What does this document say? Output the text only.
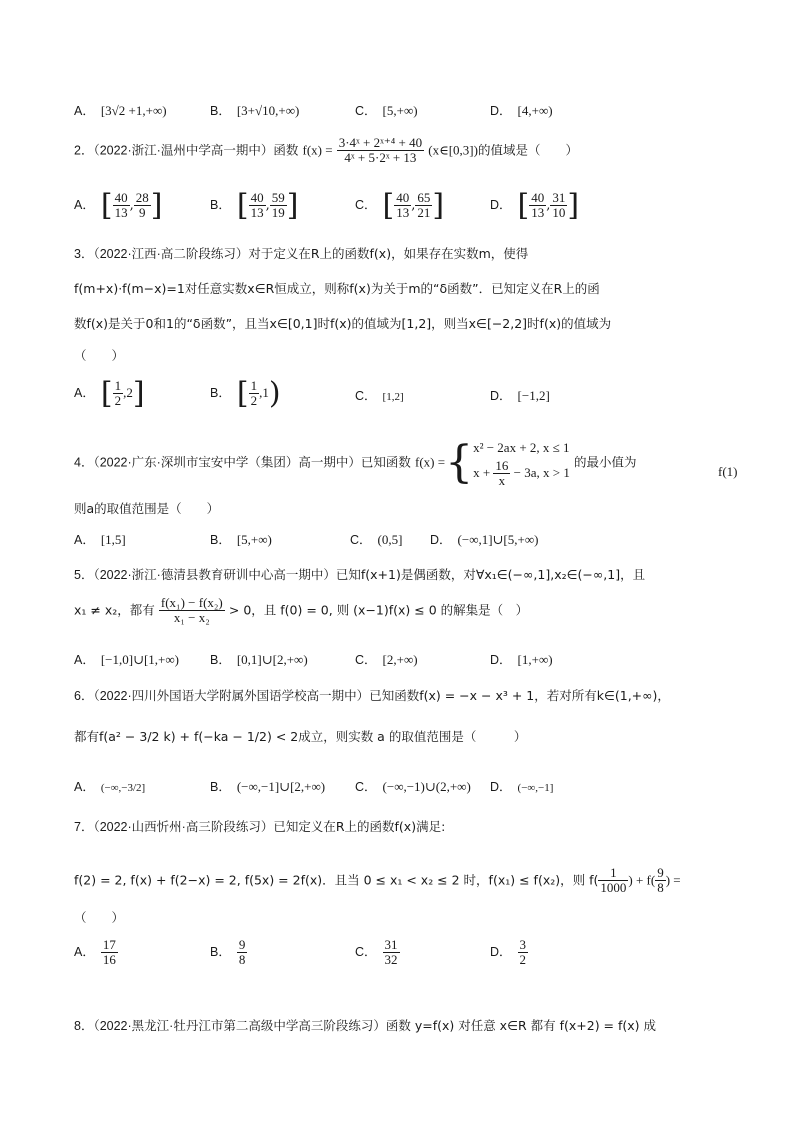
A． [3√2 +1,+∞)	B． [3+√10,+∞)	C． [5,+∞)	D． [4,+∞)
2．（2022·浙江·温州中学高一期中）函数 $f(x) = \frac{\text{3·4ˣ + 2ˣ⁺⁴ + 40}}{\text{4ˣ + 5·2ˣ + 13}}$ (x∈[0,3])的值域是（　　）
A． [ $\frac{40}{13}$ , $\frac{28}{9}$ ]	B． [ $\frac{40}{13}$ , $\frac{59}{19}$ ]	C． [ $\frac{40}{13}$ , $\frac{65}{21}$ ]	D． [ $\frac{40}{13}$ , $\frac{31}{10}$ ]
3．（2022·江西·高二阶段练习）对于定义在R上的函数f(x)，如果存在实数m，使得
f(m+x)·f(m−x)=1对任意实数x∈R恒成立，则称f(x)为关于m的“δ函数”．已知定义在R上的函
数f(x)是关于0和1的“δ函数”，且当x∈[0,1]时f(x)的值域为[1,2]，则当x∈[−2,2]时f(x)的值域为
（　　）
A． [ $\frac{1}{2} ,2$]	B． [ $\frac{1}{2} ,1$)	C． [1,2]	D． [−1,2]
4．（2022·广东·深圳市宝安中学（集团）高一期中）已知函数 f(x) ={ x² − 2ax + 2, x ≤ 1
$x + \frac{16}{x} - 3a$, x > 1
的最小值为
f(1)
则a的取值范围是（　　）
A． [1,5]	B． [5,+∞)	C． (0,5] D． (−∞,1]∪[5,+∞)
5．（2022·浙江·德清县教育研训中心高一期中）已知f(x+1)是偶函数，对∀x₁∈(−∞,1],x₂∈(−∞,1]，且
x₁ ≠ x₂，都有 $\frac{\text{f(x₁) − f(x₂)}}{\text{x₁ − x₂}} > 0$，且 f(0) = 0, 则 (x−1)f(x) ≤ 0 的解集是（　）
A． [−1,0]∪[1,+∞) B． [0,1]∪[2,+∞)	C． [2,+∞)	D． [1,+∞)
6．（2022·四川外国语大学附属外国语学校高一期中）已知函数f(x) = −x − x³ + 1，若对所有k∈(1,+∞)，
都有f(a² − 3/2 k) + f(−ka − 1/2) < 2成立，则实数 a 的取值范围是（　　　）
A． (−∞,−3/2]	B． (−∞,−1]∪[2,+∞) C． (−∞,−1)∪(2,+∞) D． (−∞,−1]
7．（2022·山西忻州·高三阶段练习）已知定义在R上的函数f(x)满足:
f(2) = 2, f(x) + f(2−x) = 2, f(5x) = 2f(x)．且当 0 ≤ x₁ < x₂ ≤ 2 时，f(x₁) ≤ f(x₂)，则 $f( \frac{1}{1000}$ ) + $f( \frac{9}{8}$ ) =
（　　）
A． $\frac{17}{16}$	B． $\frac{9}{8}$	C． $\frac{31}{32}$	D． $\frac{3}{2}$
8．（2022·黑龙江·牡丹江市第二高级中学高三阶段练习）函数 y=f(x) 对任意 x∈R 都有 f(x+2) = f(x) 成
